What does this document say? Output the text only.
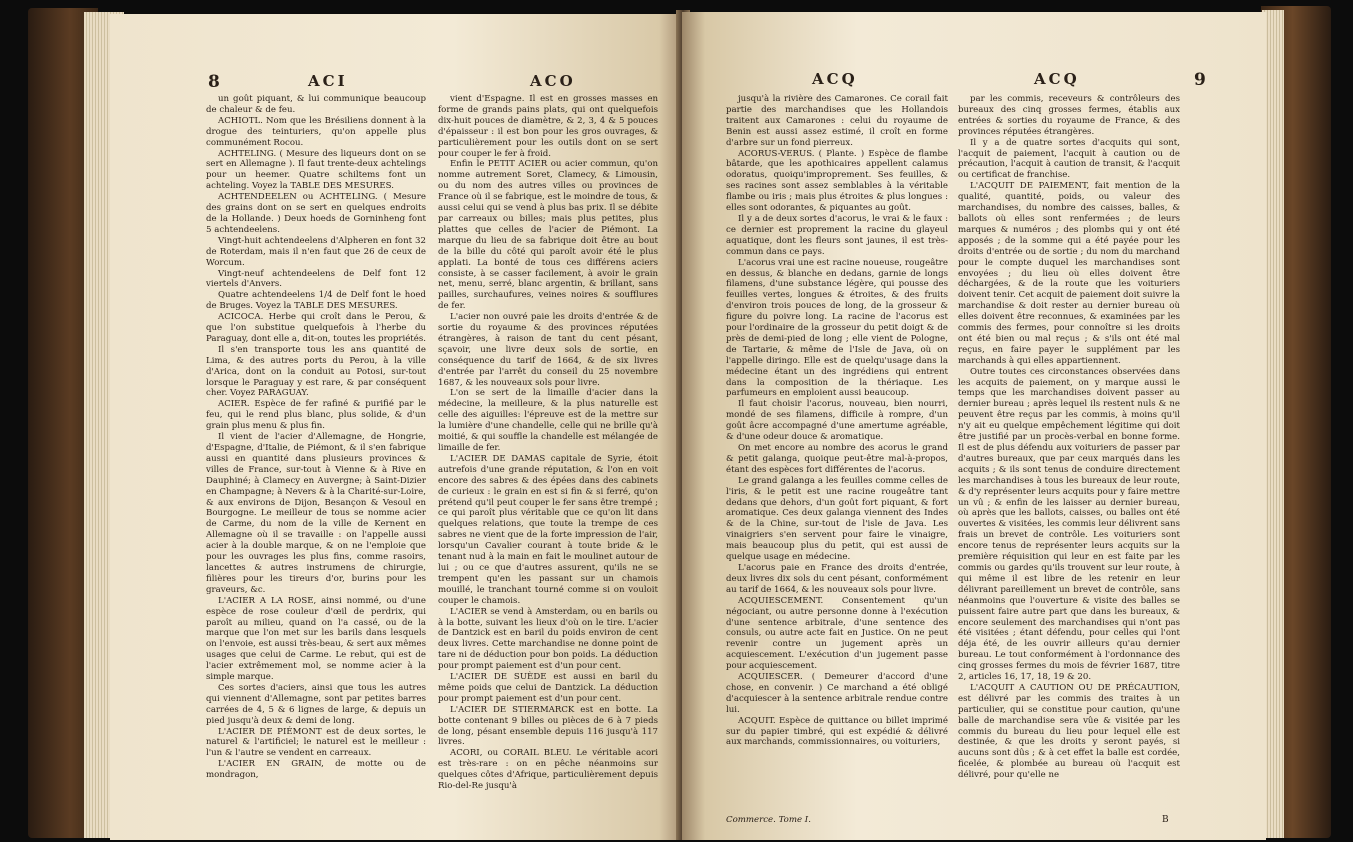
8	ACI	ACO

un goût piquant, & lui communique beaucoup de chaleur & de feu.

ACHIOTL. Nom que les Brésiliens donnent à la drogue des teinturiers, qu'on appelle plus communément Rocou.

ACHTELING. ( Mesure des liqueurs dont on se sert en Allemagne ). Il faut trente-deux achtelings pour un heemer. Quatre schiltems font un achteling. Voyez la TABLE DES MESURES.

ACHTENDEELEN ou ACHTELING. ( Mesure des grains dont on se sert en quelques endroits de la Hollande. ) Deux hoeds de Gorninheng font 5 achtendeelens.

Vingt-huit achtendeelens d'Alpheren en font 32 de Roterdam, mais il n'en faut que 26 de ceux de Worcum.

Vingt-neuf achtendeelens de Delf font 12 viertels d'Anvers.

Quatre achtendeelens 1/4 de Delf font le hoed de Bruges. Voyez la TABLE DES MESURES.

ACICOCA. Herbe qui croît dans le Perou, & que l'on substitue quelquefois à l'herbe du Paraguay, dont elle a, dit-on, toutes les propriétés.

Il s'en transporte tous les ans quantité de Lima, & des autres ports du Perou, à la ville d'Arica, dont on la conduit au Potosi, sur-tout lorsque le Paraguay y est rare, & par conséquent cher. Voyez PARAGUAY.

ACIER. Espèce de fer rafiné & purifié par le feu, qui le rend plus blanc, plus solide, & d'un grain plus menu & plus fin.

Il vient de l'acier d'Allemagne, de Hongrie, d'Espagne, d'Italie, de Piémont, & il s'en fabrique aussi en quantité dans plusieurs provinces & villes de France, sur-tout à Vienne & à Rive en Dauphiné; à Clamecy en Auvergne; à Saint-Dizier en Champagne; à Nevers & à la Charité-sur-Loire, & aux environs de Dijon, Besançon & Vesoul en Bourgogne. Le meilleur de tous se nomme acier de Carme, du nom de la ville de Kernent en Allemagne où il se travaille : on l'appelle aussi acier à la double marque, & on ne l'emploie que pour les ouvrages les plus fins, comme rasoirs, lancettes & autres instrumens de chirurgie, filières pour les tireurs d'or, burins pour les graveurs, &c.

L'ACIER A LA ROSE, ainsi nommé, ou d'une espèce de rose couleur d'œil de perdrix, qui paroît au milieu, quand on l'a cassé, ou de la marque que l'on met sur les barils dans lesquels on l'envoie, est aussi très-beau, & sert aux mêmes usages que celui de Carme. Le rebut, qui est de l'acier extrêmement mol, se nomme acier à la simple marque.

Ces sortes d'aciers, ainsi que tous les autres qui viennent d'Allemagne, sont par petites barres carrées de 4, 5 & 6 lignes de large, & depuis un pied jusqu'à deux & demi de long.

L'ACIER DE PIÉMONT est de deux sortes, le naturel & l'artificiel; le naturel est le meilleur : l'un & l'autre se vendent en carreaux.

L'ACIER EN GRAIN, de motte ou de mondragon,

vient d'Espagne. Il est en grosses masses en forme de grands pains plats, qui ont quelquefois dix-huit pouces de diamètre, & 2, 3, 4 & 5 pouces d'épaisseur : il est bon pour les gros ouvrages, & particulièrement pour les outils dont on se sert pour couper le fer à froid.

Enfin le PETIT ACIER ou acier commun, qu'on nomme autrement Soret, Clamecy, & Limousin, ou du nom des autres villes ou provinces de France où il se fabrique, est le moindre de tous, & aussi celui qui se vend à plus bas prix. Il se débite par carreaux ou billes; mais plus petites, plus plattes que celles de l'acier de Piémont. La marque du lieu de sa fabrique doit être au bout de la bille du côté qui paroît avoir été le plus applati. La bonté de tous ces différens aciers consiste, à se casser facilement, à avoir le grain net, menu, serré, blanc argentin, & brillant, sans pailles, surchaufures, veines noires & soufflures de fer.

L'acier non ouvré paie les droits d'entrée & de sortie du royaume & des provinces réputées étrangères, à raison de tant du cent pésant, sçavoir, une livre deux sols de sortie, en conséquence du tarif de 1664, & de six livres d'entrée par l'arrêt du conseil du 25 novembre 1687, & les nouveaux sols pour livre.

L'on se sert de la limaille d'acier dans la médecine, la meilleure, & la plus naturelle est celle des aiguilles: l'épreuve est de la mettre sur la lumière d'une chandelle, celle qui ne brille qu'à moitié, & qui souffle la chandelle est mélangée de limaille de fer.

L'ACIER DE DAMAS capitale de Syrie, étoit autrefois d'une grande réputation, & l'on en voit encore des sabres & des épées dans des cabinets de curieux : le grain en est si fin & si ferré, qu'on prétend qu'il peut couper le fer sans être trempé ; ce qui paroît plus véritable que ce qu'on lit dans quelques relations, que toute la trempe de ces sabres ne vient que de la forte impression de l'air, lorsqu'un Cavalier courant à toute bride & le tenant nud à la main en fait le moulinet autour de lui ; ou ce que d'autres assurent, qu'ils ne se trempent qu'en les passant sur un chamois mouillé, le tranchant tourné comme si on vouloit couper le chamois.

L'ACIER se vend à Amsterdam, ou en barils ou à la botte, suivant les lieux d'où on le tire. L'acier de Dantzick est en baril du poids environ de cent deux livres. Cette marchandise ne donne point de tare ni de déduction pour bon poids. La déduction pour prompt paiement est d'un pour cent.

L'ACIER DE SUÈDE est aussi en baril du même poids que celui de Dantzick. La déduction pour prompt paiement est d'un pour cent.

L'ACIER DE STIERMARCK est en botte. La botte contenant 9 billes ou pièces de 6 à 7 pieds de long, pésant ensemble depuis 116 jusqu'à 117 livres.

ACORI, ou CORAIL BLEU. Le véritable acori est très-rare : on en pêche néanmoins sur quelques côtes d'Afrique, particulièrement depuis Rio-del-Re jusqu'à

ACQ	ACQ	9

jusqu'à la rivière des Camarones. Ce corail fait partie des marchandises que les Hollandois traitent aux Camarones : celui du royaume de Benin est aussi assez estimé, il croît en forme d'arbre sur un fond pierreux.

ACORUS-VERUS. ( Plante. ) Espèce de flambe bâtarde, que les apothicaires appellent calamus odoratus, quoiqu'improprement. Ses feuilles, & ses racines sont assez semblables à la véritable flambe ou iris ; mais plus étroites & plus longues : elles sont odorantes, & piquantes au goût.

Il y a de deux sortes d'acorus, le vrai & le faux : ce dernier est proprement la racine du glayeul aquatique, dont les fleurs sont jaunes, il est très-commun dans ce pays.

L'acorus vrai une est racine noueuse, rougeâtre en dessus, & blanche en dedans, garnie de longs filamens, d'une substance légère, qui pousse des feuilles vertes, longues & étroites, & des fruits d'environ trois pouces de long, de la grosseur & figure du poivre long. La racine de l'acorus est pour l'ordinaire de la grosseur du petit doigt & de près de demi-pied de long ; elle vient de Pologne, de Tartarie, & même de l'Isle de Java, où on l'appelle diringo. Elle est de quelqu'usage dans la médecine étant un des ingrédiens qui entrent dans la composition de la thériaque. Les parfumeurs en emploient aussi beaucoup.

Il faut choisir l'acorus, nouveau, bien nourri, mondé de ses filamens, difficile à rompre, d'un goût âcre accompagné d'une amertume agréable, & d'une odeur douce & aromatique.

On met encore au nombre des acorus le grand & petit galanga, quoique peut-être mal-à-propos, étant des espèces fort différentes de l'acorus.

Le grand galanga a les feuilles comme celles de l'iris, & le petit est une racine rougeâtre tant dedans que dehors, d'un goût fort piquant, & fort aromatique. Ces deux galanga viennent des Indes & de la Chine, sur-tout de l'isle de Java. Les vinaigriers s'en servent pour faire le vinaigre, mais beaucoup plus du petit, qui est aussi de quelque usage en médecine.

L'acorus paie en France des droits d'entrée, deux livres dix sols du cent pésant, conformément au tarif de 1664, & les nouveaux sols pour livre.

ACQUIESCEMENT. Consentement qu'un négociant, ou autre personne donne à l'exécution d'une sentence arbitrale, d'une sentence des consuls, ou autre acte fait en Justice. On ne peut revenir contre un jugement après un acquiescement. L'exécution d'un jugement passe pour acquiescement.

ACQUIESCER. ( Demeurer d'accord d'une chose, en convenir. ) Ce marchand a été obligé d'acquiescer à la sentence arbitrale rendue contre lui.

ACQUIT. Espèce de quittance ou billet imprimé sur du papier timbré, qui est expédié & délivré aux marchands, commissionnaires, ou voituriers,

par les commis, receveurs & contrôleurs des bureaux des cinq grosses fermes, établis aux entrées & sorties du royaume de France, & des provinces réputées étrangères.

Il y a de quatre sortes d'acquits qui sont, l'acquit de paiement, l'acquit à caution ou de précaution, l'acquit à caution de transit, & l'acquit ou certificat de franchise.

L'ACQUIT DE PAIEMENT, fait mention de la qualité, quantité, poids, ou valeur des marchandises, du nombre des caisses, balles, & ballots où elles sont renfermées ; de leurs marques & numéros ; des plombs qui y ont été apposés ; de la somme qui a été payée pour les droits d'entrée ou de sortie ; du nom du marchand pour le compte duquel les marchandises sont envoyées ; du lieu où elles doivent être déchargées, & de la route que les voituriers doivent tenir. Cet acquit de paiement doit suivre la marchandise & doit rester au dernier bureau où elles doivent être reconnues, & examinées par les commis des fermes, pour connoître si les droits ont été bien ou mal reçus ; & s'ils ont été mal reçus, en faire payer le supplément par les marchands à qui elles appartiennent.

Outre toutes ces circonstances observées dans les acquits de paiement, on y marque aussi le temps que les marchandises doivent passer au dernier bureau ; après lequel ils restent nuls & ne peuvent être reçus par les commis, à moins qu'il n'y ait eu quelque empêchement légitime qui doit être justifié par un procès-verbal en bonne forme. Il est de plus défendu aux voituriers de passer par d'autres bureaux, que par ceux marqués dans les acquits ; & ils sont tenus de conduire directement les marchandises à tous les bureaux de leur route, & d'y représenter leurs acquits pour y faire mettre un vû ; & enfin de les laisser au dernier bureau, où après que les ballots, caisses, ou balles ont été ouvertes & visitées, les commis leur délivrent sans frais un brevet de contrôle. Les voituriers sont encore tenus de représenter leurs acquits sur la première réquisition qui leur en est faite par les commis ou gardes qu'ils trouvent sur leur route, à qui même il est libre de les retenir en leur délivrant pareillement un brevet de contrôle, sans néanmoins que l'ouverture & visite des balles se puissent faire autre part que dans les bureaux, & encore seulement des marchandises qui n'ont pas été visitées ; étant défendu, pour celles qui l'ont déja été, de les ouvrir ailleurs qu'au dernier bureau. Le tout conformément à l'ordonnance des cinq grosses fermes du mois de février 1687, titre 2, articles 16, 17, 18, 19 & 20.

L'ACQUIT A CAUTION OU DE PRÉCAUTION, est délivré par les commis des traites à un particulier, qui se constitue pour caution, qu'une balle de marchandise sera vûe & visitée par les commis du bureau du lieu pour lequel elle est destinée, & que les droits y seront payés, si aucuns sont dûs ; & à cet effet la balle est cordée, ficelée, & plombée au bureau où l'acquit est délivré, pour qu'elle ne

Commerce. Tome I.	B
